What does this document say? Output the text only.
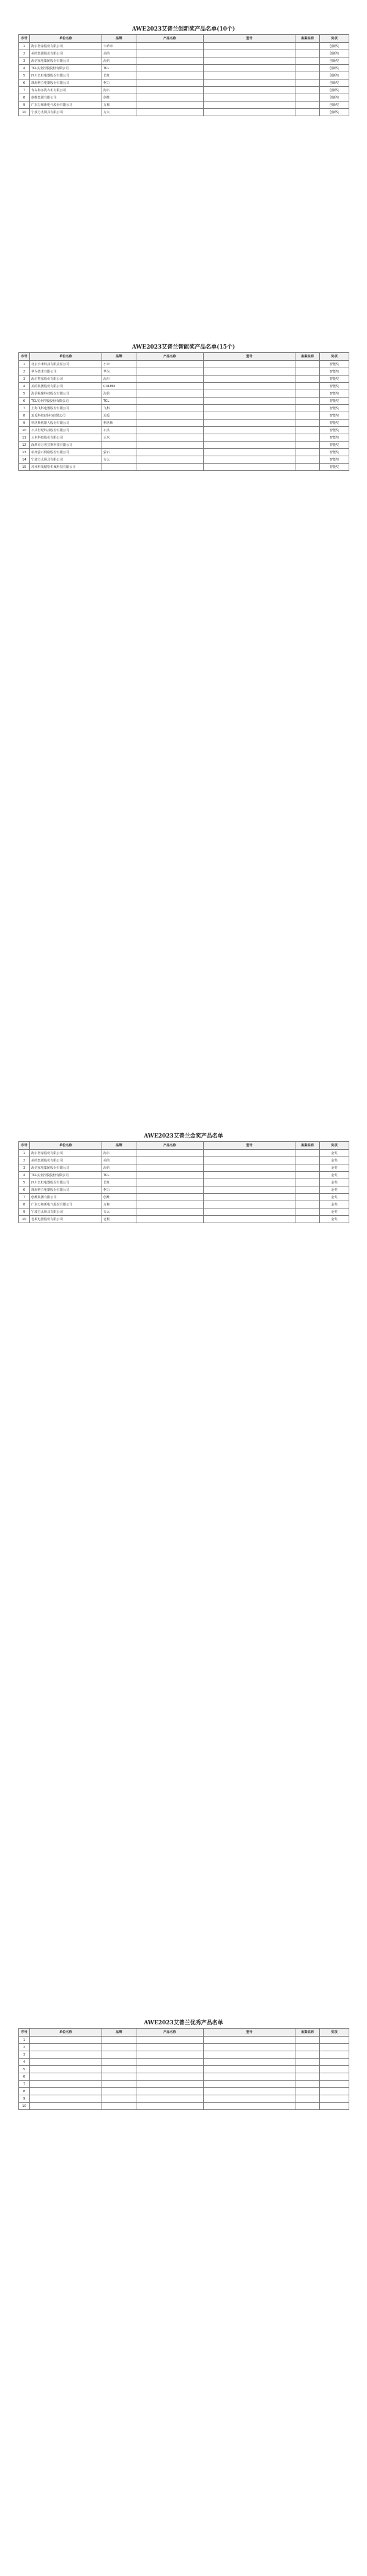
AWE2023艾普兰创新奖产品名单(10个)
序号	单位名称	品牌	产品名称	型号	备案说明	奖项
1	海尔智家股份有限公司	卡萨帝				创新奖
2	美的集团股份有限公司	美的				创新奖
3	海信家电集团股份有限公司	海信				创新奖
4	TCL实业控股股份有限公司	TCL				创新奖
5	四川长虹电器股份有限公司	长虹				创新奖
6	珠海格力电器股份有限公司	格力				创新奖
7	青岛海尔洗衣机有限公司	海尔				创新奖
8	创维集团有限公司	创维				创新奖
9	广东万和新电气股份有限公司	万和				创新奖
10	宁波方太厨具有限公司	方太				创新奖
AWE2023艾普兰智能奖产品名单(15个)
序号	单位名称	品牌	产品名称	型号	备案说明	奖项
1	北京小米科技有限责任公司	小米				智能奖
2	华为技术有限公司	华为				智能奖
3	海尔智家股份有限公司	海尔				智能奖
4	美的集团股份有限公司	COLMO				智能奖
5	海信视像科技股份有限公司	海信				智能奖
6	TCL实业控股股份有限公司	TCL				智能奖
7	上海飞科电器股份有限公司	飞科				智能奖
8	追觅科技(苏州)有限公司	追觅				智能奖
9	科沃斯机器人股份有限公司	科沃斯				智能奖
10	石头世纪科技股份有限公司	石头				智能奖
11	云米科技股份有限公司	云米				智能奖
12	深圳市万普拉斯科技有限公司					智能奖
13	杭州萤石网络股份有限公司	萤石				智能奖
14	宁波方太厨具有限公司	方太				智能奖
15	苏州科瓴精密机械科技有限公司					智能奖
AWE2023艾普兰金奖产品名单
序号	单位名称	品牌	产品名称	型号	备案说明	奖项
1	海尔智家股份有限公司	海尔				金奖
2	美的集团股份有限公司	美的				金奖
3	海信家电集团股份有限公司	海信				金奖
4	TCL实业控股股份有限公司	TCL				金奖
5	四川长虹电器股份有限公司	长虹				金奖
6	珠海格力电器股份有限公司	格力				金奖
7	创维集团有限公司	创维				金奖
8	广东万和新电气股份有限公司	万和				金奖
9	宁波方太厨具有限公司	方太				金奖
10	老板电器股份有限公司	老板				金奖
AWE2023艾普兰优秀产品名单
序号	单位名称	品牌	产品名称	型号	备案说明	奖项
1						
2						
3						
4						
5						
6						
7						
8						
9						
10						
